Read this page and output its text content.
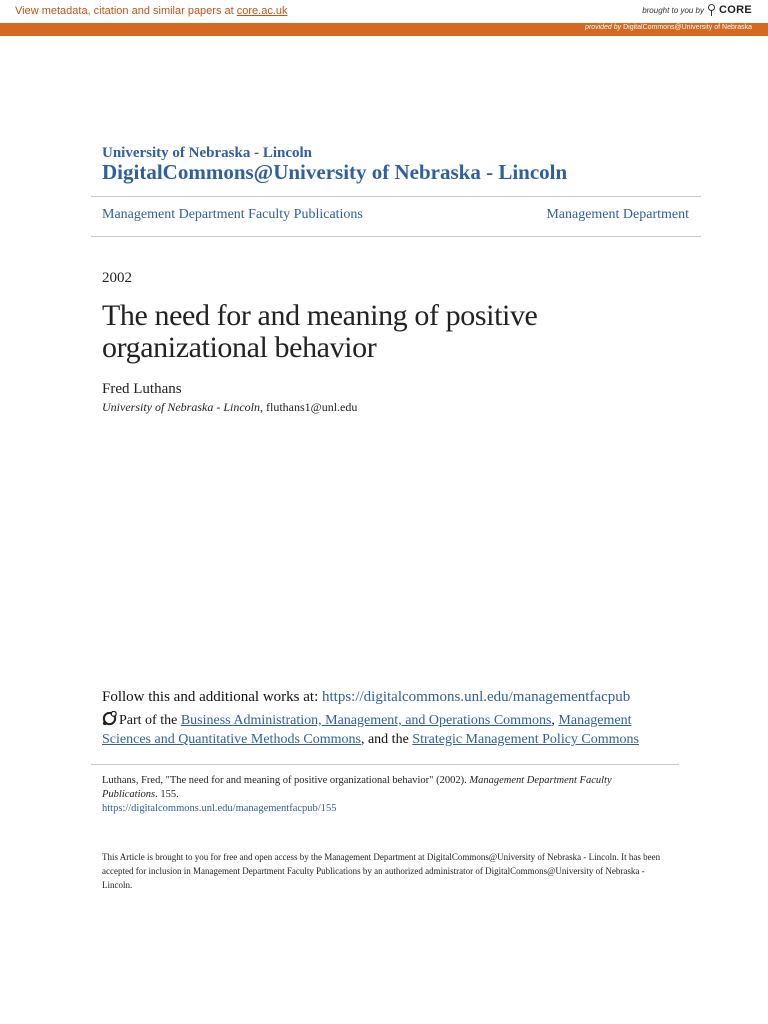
View metadata, citation and similar papers at core.ac.uk	brought to you by CORE
provided by DigitalCommons@University of Nebraska
University of Nebraska - Lincoln
DigitalCommons@University of Nebraska - Lincoln
Management Department Faculty Publications	Management Department
2002
The need for and meaning of positive organizational behavior
Fred Luthans
University of Nebraska - Lincoln, fluthans1@unl.edu
Follow this and additional works at: https://digitalcommons.unl.edu/managementfacpub
Part of the Business Administration, Management, and Operations Commons, Management Sciences and Quantitative Methods Commons, and the Strategic Management Policy Commons
Luthans, Fred, "The need for and meaning of positive organizational behavior" (2002). Management Department Faculty Publications. 155.
https://digitalcommons.unl.edu/managementfacpub/155
This Article is brought to you for free and open access by the Management Department at DigitalCommons@University of Nebraska - Lincoln. It has been accepted for inclusion in Management Department Faculty Publications by an authorized administrator of DigitalCommons@University of Nebraska - Lincoln.
